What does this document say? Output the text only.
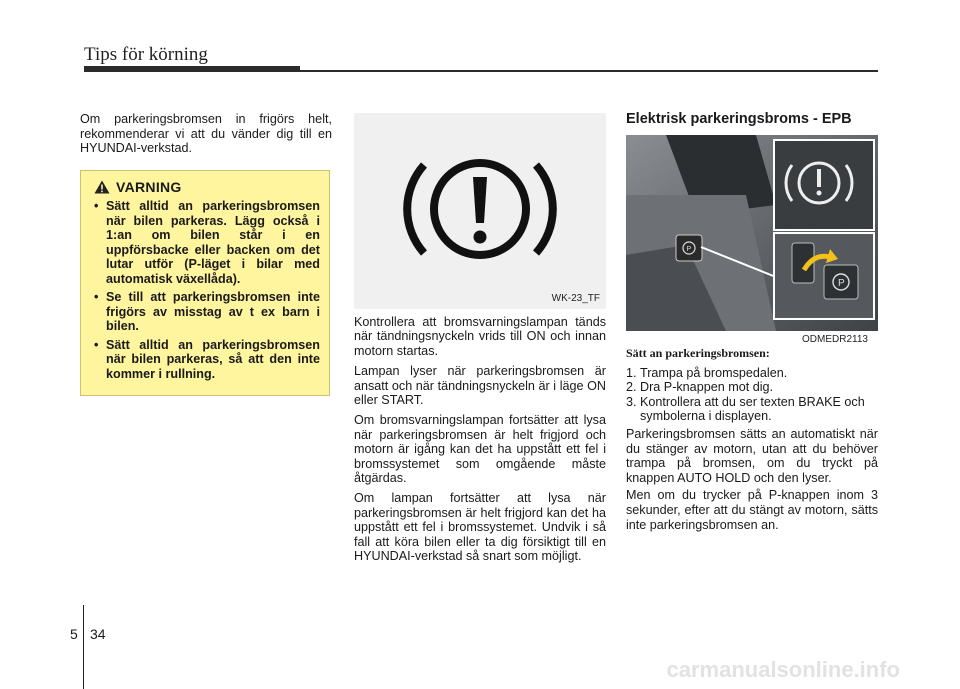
Tips för körning
Om parkeringsbromsen in frigörs helt, rekommenderar vi att du vänder dig till en HYUNDAI-verkstad.
VARNING
• Sätt alltid an parkeringsbromsen när bilen parkeras. Lägg också i 1:an om bilen står i en uppförsbacke eller backen om det lutar utför (P-läget i bilar med automatisk växellåda).
• Se till att parkeringsbromsen inte frigörs av misstag av t ex barn i bilen.
• Sätt alltid an parkeringsbromsen när bilen parkeras, så att den inte kommer i rullning.
WK-23_TF

Kontrollera att bromsvarningslampan tänds när tändningsnyckeln vrids till ON och innan motorn startas.

Lampan lyser när parkeringsbromsen är ansatt och när tändningsnyckeln är i läge ON eller START.

Om bromsvarningslampan fortsätter att lysa när parkeringsbromsen är helt frigjord och motorn är igång kan det ha uppstått ett fel i bromssystemet som omgående måste åtgärdas.

Om lampan fortsätter att lysa när parkeringsbromsen är helt frigjord kan det ha uppstått ett fel i bromssystemet. Undvik i så fall att köra bilen eller ta dig försiktigt till en HYUNDAI-verkstad så snart som möjligt.

Elektrisk parkeringsbroms - EPB
P
P
ODMEDR2113

Sätt an parkeringsbromsen:

1. Trampa på bromspedalen.
2. Dra P-knappen mot dig.
3. Kontrollera att du ser texten BRAKE och symbolerna i displayen.

Parkeringsbromsen sätts an automatiskt när du stänger av motorn, utan att du behöver trampa på bromsen, om du tryckt på knappen AUTO HOLD och den lyser.

Men om du trycker på P-knappen inom 3 sekunder, efter att du stängt av motorn, sätts inte parkeringsbromsen an.

5 34
carmanualsonline.info
